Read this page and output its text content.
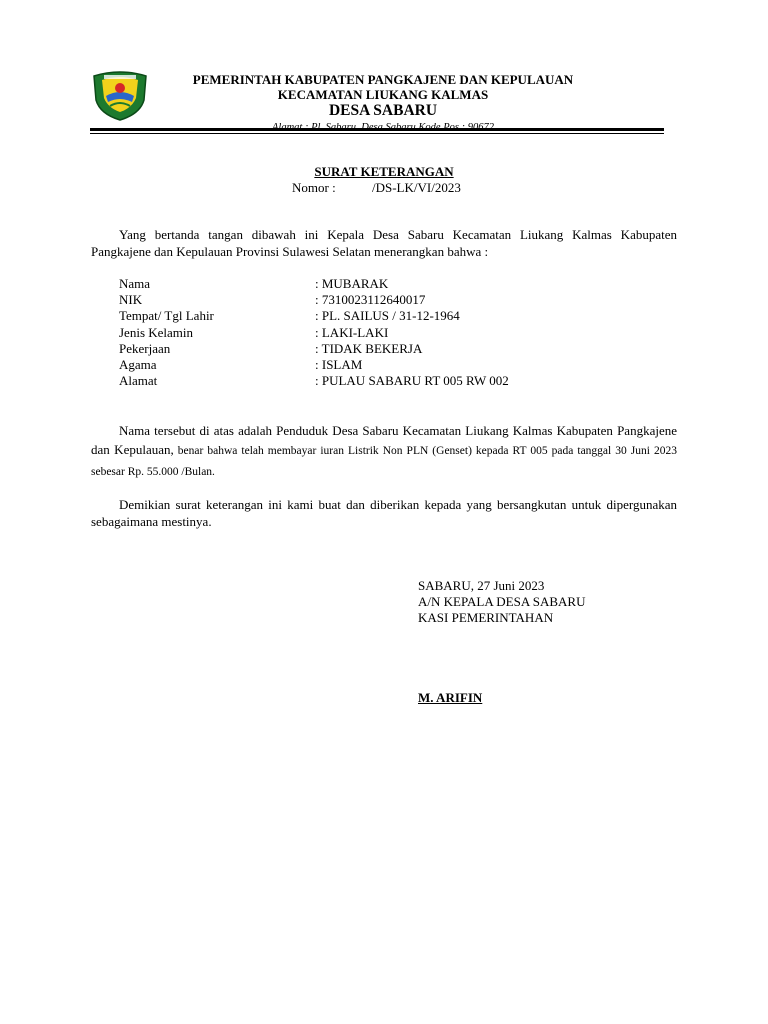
PEMERINTAH KABUPATEN PANGKAJENE DAN KEPULAUAN
KECAMATAN LIUKANG KALMAS
DESA SABARU
SURAT KETERANGAN
Nomor :	/DS-LK/VI/2023
Yang bertanda tangan dibawah ini Kepala Desa Sabaru Kecamatan Liukang Kalmas Kabupaten Pangkajene dan Kepulauan Provinsi Sulawesi Selatan menerangkan bahwa :
Nama	: MUBARAK
NIK	: 7310023112640017
Tempat/ Tgl Lahir	: PL. SAILUS / 31-12-1964
Jenis Kelamin	: LAKI-LAKI
Pekerjaan	: TIDAK BEKERJA
Agama	: ISLAM
Alamat	: PULAU SABARU RT 005 RW 002
Nama tersebut di atas adalah Penduduk Desa Sabaru Kecamatan Liukang Kalmas Kabupaten Pangkajene dan Kepulauan, benar bahwa telah membayar iuran Listrik Non PLN (Genset) kepada RT 005 pada tanggal 30 Juni 2023 sebesar Rp. 55.000 /Bulan.
Demikian surat keterangan ini kami buat dan diberikan kepada yang bersangkutan untuk dipergunakan sebagaimana mestinya.
SABARU, 27 Juni 2023
A/N KEPALA DESA SABARU
KASI PEMERINTAHAN
M. ARIFIN
